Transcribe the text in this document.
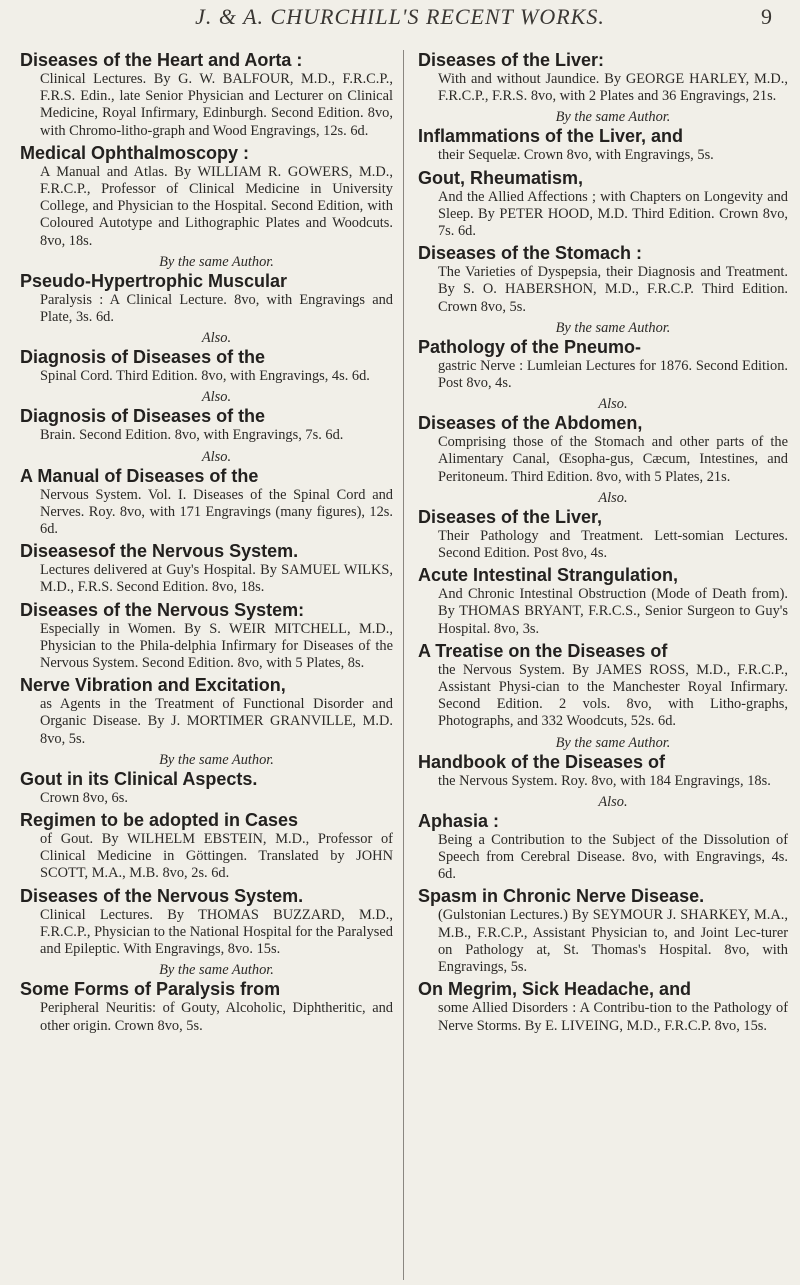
J. & A. CHURCHILL'S RECENT WORKS.	9
Diseases of the Heart and Aorta :
Clinical Lectures. By G. W. BALFOUR, M.D., F.R.C.P., F.R.S. Edin., late Senior Physician and Lecturer on Clinical Medicine, Royal Infirmary, Edinburgh. Second Edition. 8vo, with Chromo-litho-graph and Wood Engravings, 12s. 6d.
Medical Ophthalmoscopy :
A Manual and Atlas. By WILLIAM R. GOWERS, M.D., F.R.C.P., Professor of Clinical Medicine in University College, and Physician to the Hospital. Second Edition, with Coloured Autotype and Lithographic Plates and Woodcuts. 8vo, 18s.
By the same Author.
Pseudo-Hypertrophic Muscular
Paralysis : A Clinical Lecture. 8vo, with Engravings and Plate, 3s. 6d.
Also.
Diagnosis of Diseases of the
Spinal Cord. Third Edition. 8vo, with Engravings, 4s. 6d.
Also.
Diagnosis of Diseases of the
Brain. Second Edition. 8vo, with Engravings, 7s. 6d.
Also.
A Manual of Diseases of the
Nervous System. Vol. I. Diseases of the Spinal Cord and Nerves. Roy. 8vo, with 171 Engravings (many figures), 12s. 6d.
Diseasesof the Nervous System.
Lectures delivered at Guy's Hospital. By SAMUEL WILKS, M.D., F.R.S. Second Edition. 8vo, 18s.
Diseases of the Nervous System:
Especially in Women. By S. WEIR MITCHELL, M.D., Physician to the Phila-delphia Infirmary for Diseases of the Nervous System. Second Edition. 8vo, with 5 Plates, 8s.
Nerve Vibration and Excitation,
as Agents in the Treatment of Functional Disorder and Organic Disease. By J. MORTIMER GRANVILLE, M.D. 8vo, 5s.
By the same Author.
Gout in its Clinical Aspects.
Crown 8vo, 6s.
Regimen to be adopted in Cases
of Gout. By WILHELM EBSTEIN, M.D., Professor of Clinical Medicine in Göttingen. Translated by JOHN SCOTT, M.A., M.B. 8vo, 2s. 6d.
Diseases of the Nervous System.
Clinical Lectures. By THOMAS BUZZARD, M.D., F.R.C.P., Physician to the National Hospital for the Paralysed and Epileptic. With Engravings, 8vo. 15s.
By the same Author.
Some Forms of Paralysis from
Peripheral Neuritis: of Gouty, Alcoholic, Diphtheritic, and other origin. Crown 8vo, 5s.
Diseases of the Liver:
With and without Jaundice. By GEORGE HARLEY, M.D., F.R.C.P., F.R.S. 8vo, with 2 Plates and 36 Engravings, 21s.
By the same Author.
Inflammations of the Liver, and
their Sequelæ. Crown 8vo, with Engravings, 5s.
Gout, Rheumatism,
And the Allied Affections ; with Chapters on Longevity and Sleep. By PETER HOOD, M.D. Third Edition. Crown 8vo, 7s. 6d.
Diseases of the Stomach :
The Varieties of Dyspepsia, their Diagnosis and Treatment. By S. O. HABERSHON, M.D., F.R.C.P. Third Edition. Crown 8vo, 5s.
By the same Author.
Pathology of the Pneumo-
gastric Nerve : Lumleian Lectures for 1876. Second Edition. Post 8vo, 4s.
Also.
Diseases of the Abdomen,
Comprising those of the Stomach and other parts of the Alimentary Canal, Œsopha-gus, Cæcum, Intestines, and Peritoneum. Third Edition. 8vo, with 5 Plates, 21s.
Also.
Diseases of the Liver,
Their Pathology and Treatment. Lett-somian Lectures. Second Edition. Post 8vo, 4s.
Acute Intestinal Strangulation,
And Chronic Intestinal Obstruction (Mode of Death from). By THOMAS BRYANT, F.R.C.S., Senior Surgeon to Guy's Hospital. 8vo, 3s.
A Treatise on the Diseases of
the Nervous System. By JAMES ROSS, M.D., F.R.C.P., Assistant Physi-cian to the Manchester Royal Infirmary. Second Edition. 2 vols. 8vo, with Litho-graphs, Photographs, and 332 Woodcuts, 52s. 6d.
By the same Author.
Handbook of the Diseases of
the Nervous System. Roy. 8vo, with 184 Engravings, 18s.
Also.
Aphasia :
Being a Contribution to the Subject of the Dissolution of Speech from Cerebral Disease. 8vo, with Engravings, 4s. 6d.
Spasm in Chronic Nerve Disease.
(Gulstonian Lectures.) By SEYMOUR J. SHARKEY, M.A., M.B., F.R.C.P., Assistant Physician to, and Joint Lec-turer on Pathology at, St. Thomas's Hospital. 8vo, with Engravings, 5s.
On Megrim, Sick Headache, and
some Allied Disorders : A Contribu-tion to the Pathology of Nerve Storms. By E. LIVEING, M.D., F.R.C.P. 8vo, 15s.
